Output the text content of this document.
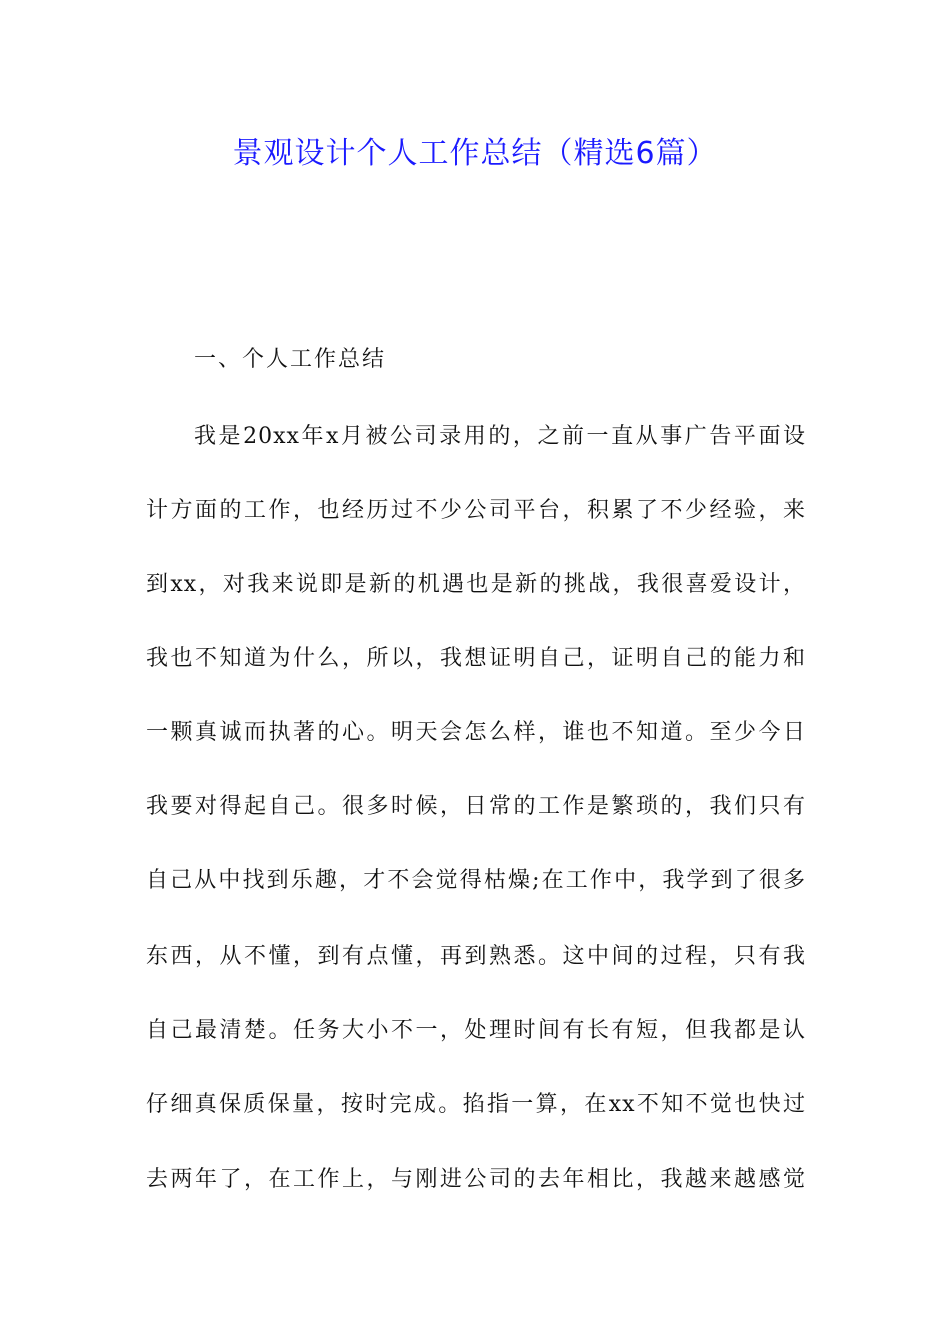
景观设计个人工作总结（精选6篇）

一、个人工作总结

我是20xx年x月被公司录用的，之前一直从事广告平面设

计方面的工作，也经历过不少公司平台，积累了不少经验，来

到xx，对我来说即是新的机遇也是新的挑战，我很喜爱设计，

我也不知道为什么，所以，我想证明自己，证明自己的能力和

一颗真诚而执著的心。明天会怎么样，谁也不知道。至少今日

我要对得起自己。很多时候，日常的工作是繁琐的，我们只有

自己从中找到乐趣，才不会觉得枯燥;在工作中，我学到了很多

东西，从不懂，到有点懂，再到熟悉。这中间的过程，只有我

自己最清楚。任务大小不一，处理时间有长有短，但我都是认

仔细真保质保量，按时完成。掐指一算，在xx不知不觉也快过

去两年了，在工作上，与刚进公司的去年相比，我越来越感觉
